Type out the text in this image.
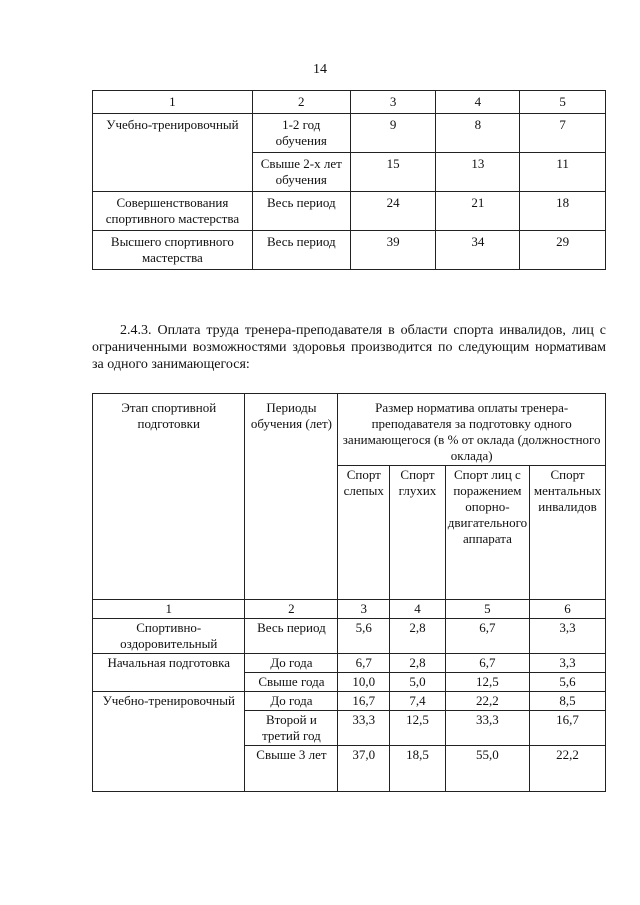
14
1	2	3	4	5
Учебно-тренировочный	1-2 год обучения	9	8	7
	Свыше 2-х лет обучения	15	13	11
Совершенствования спортивного мастерства	Весь период	24	21	18
Высшего спортивного мастерства	Весь период	39	34	29
2.4.3. Оплата труда тренера-преподавателя в области спорта инвалидов, лиц с ограниченными возможностями здоровья производится по следующим нормативам за одного занимающегося:
Этап спортивной подготовки	Периоды обучения (лет)	Размер норматива оплаты тренера-преподавателя за подготовку одного занимающегося (в % от оклада (должностного оклада)			
		Спорт слепых	Спорт глухих	Спорт лиц с поражением опорно-двигательного аппарата	Спорт ментальных инвалидов
1	2	3	4	5	6
Спортивно-оздоровительный	Весь период	5,6	2,8	6,7	3,3
Начальная подготовка	До года	6,7	2,8	6,7	3,3
	Свыше года	10,0	5,0	12,5	5,6
Учебно-тренировочный	До года	16,7	7,4	22,2	8,5
	Второй и третий год	33,3	12,5	33,3	16,7
	Свыше 3 лет	37,0	18,5	55,0	22,2
